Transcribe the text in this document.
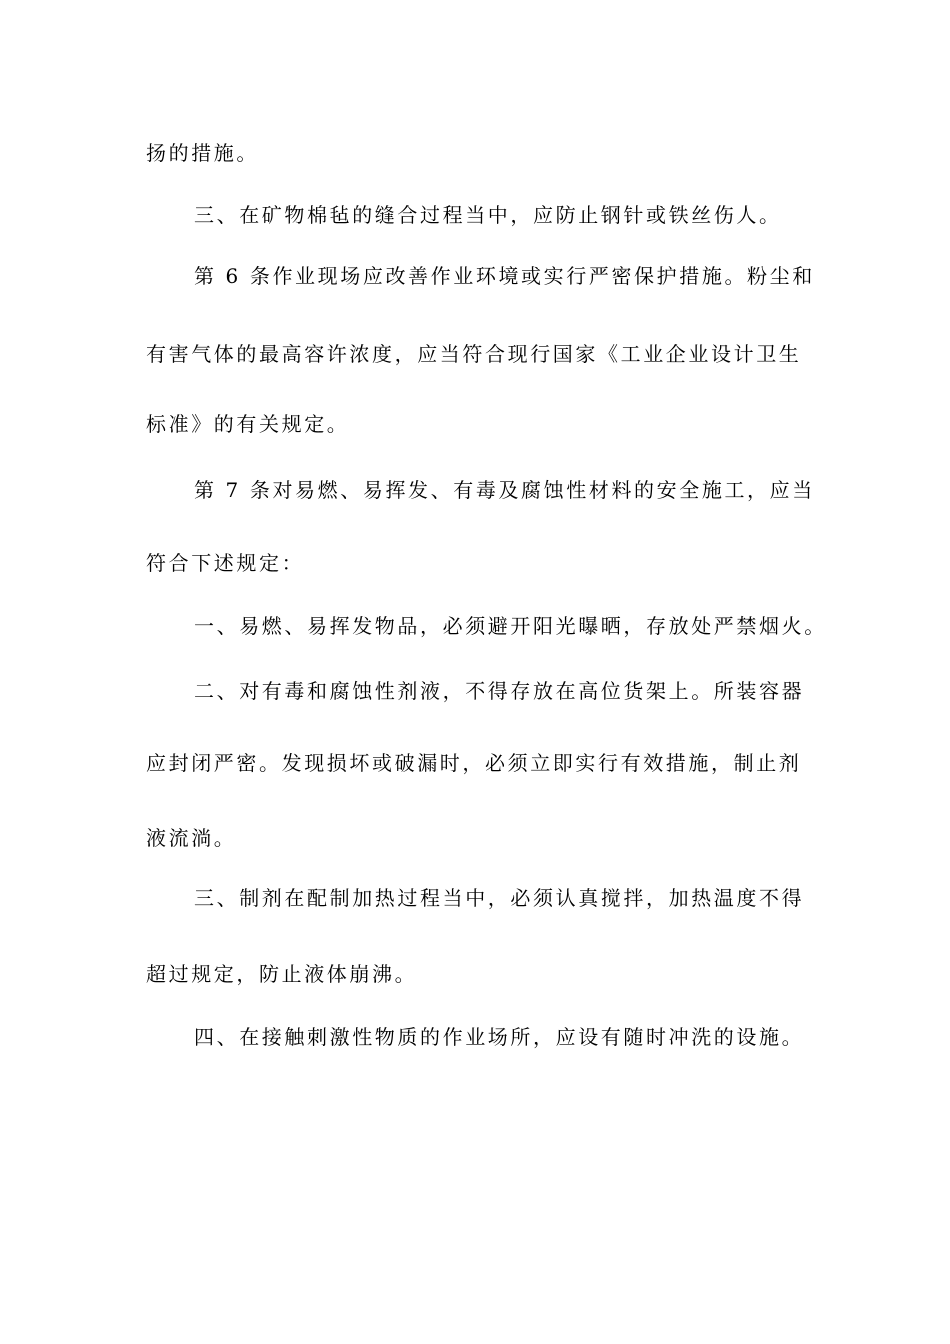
扬的措施。
三、在矿物棉毡的缝合过程当中，应防止钢针或铁丝伤人。
第 6 条作业现场应改善作业环境或实行严密保护措施。粉尘和
有害气体的最高容许浓度，应当符合现行国家《工业企业设计卫生
标准》的有关规定。
第 7 条对易燃、易挥发、有毒及腐蚀性材料的安全施工，应当
符合下述规定：
一、易燃、易挥发物品，必须避开阳光曝晒，存放处严禁烟火。
二、对有毒和腐蚀性剂液，不得存放在高位货架上。所装容器
应封闭严密。发现损坏或破漏时，必须立即实行有效措施，制止剂
液流淌。
三、制剂在配制加热过程当中，必须认真搅拌，加热温度不得
超过规定，防止液体崩沸。
四、在接触刺激性物质的作业场所，应设有随时冲洗的设施。
